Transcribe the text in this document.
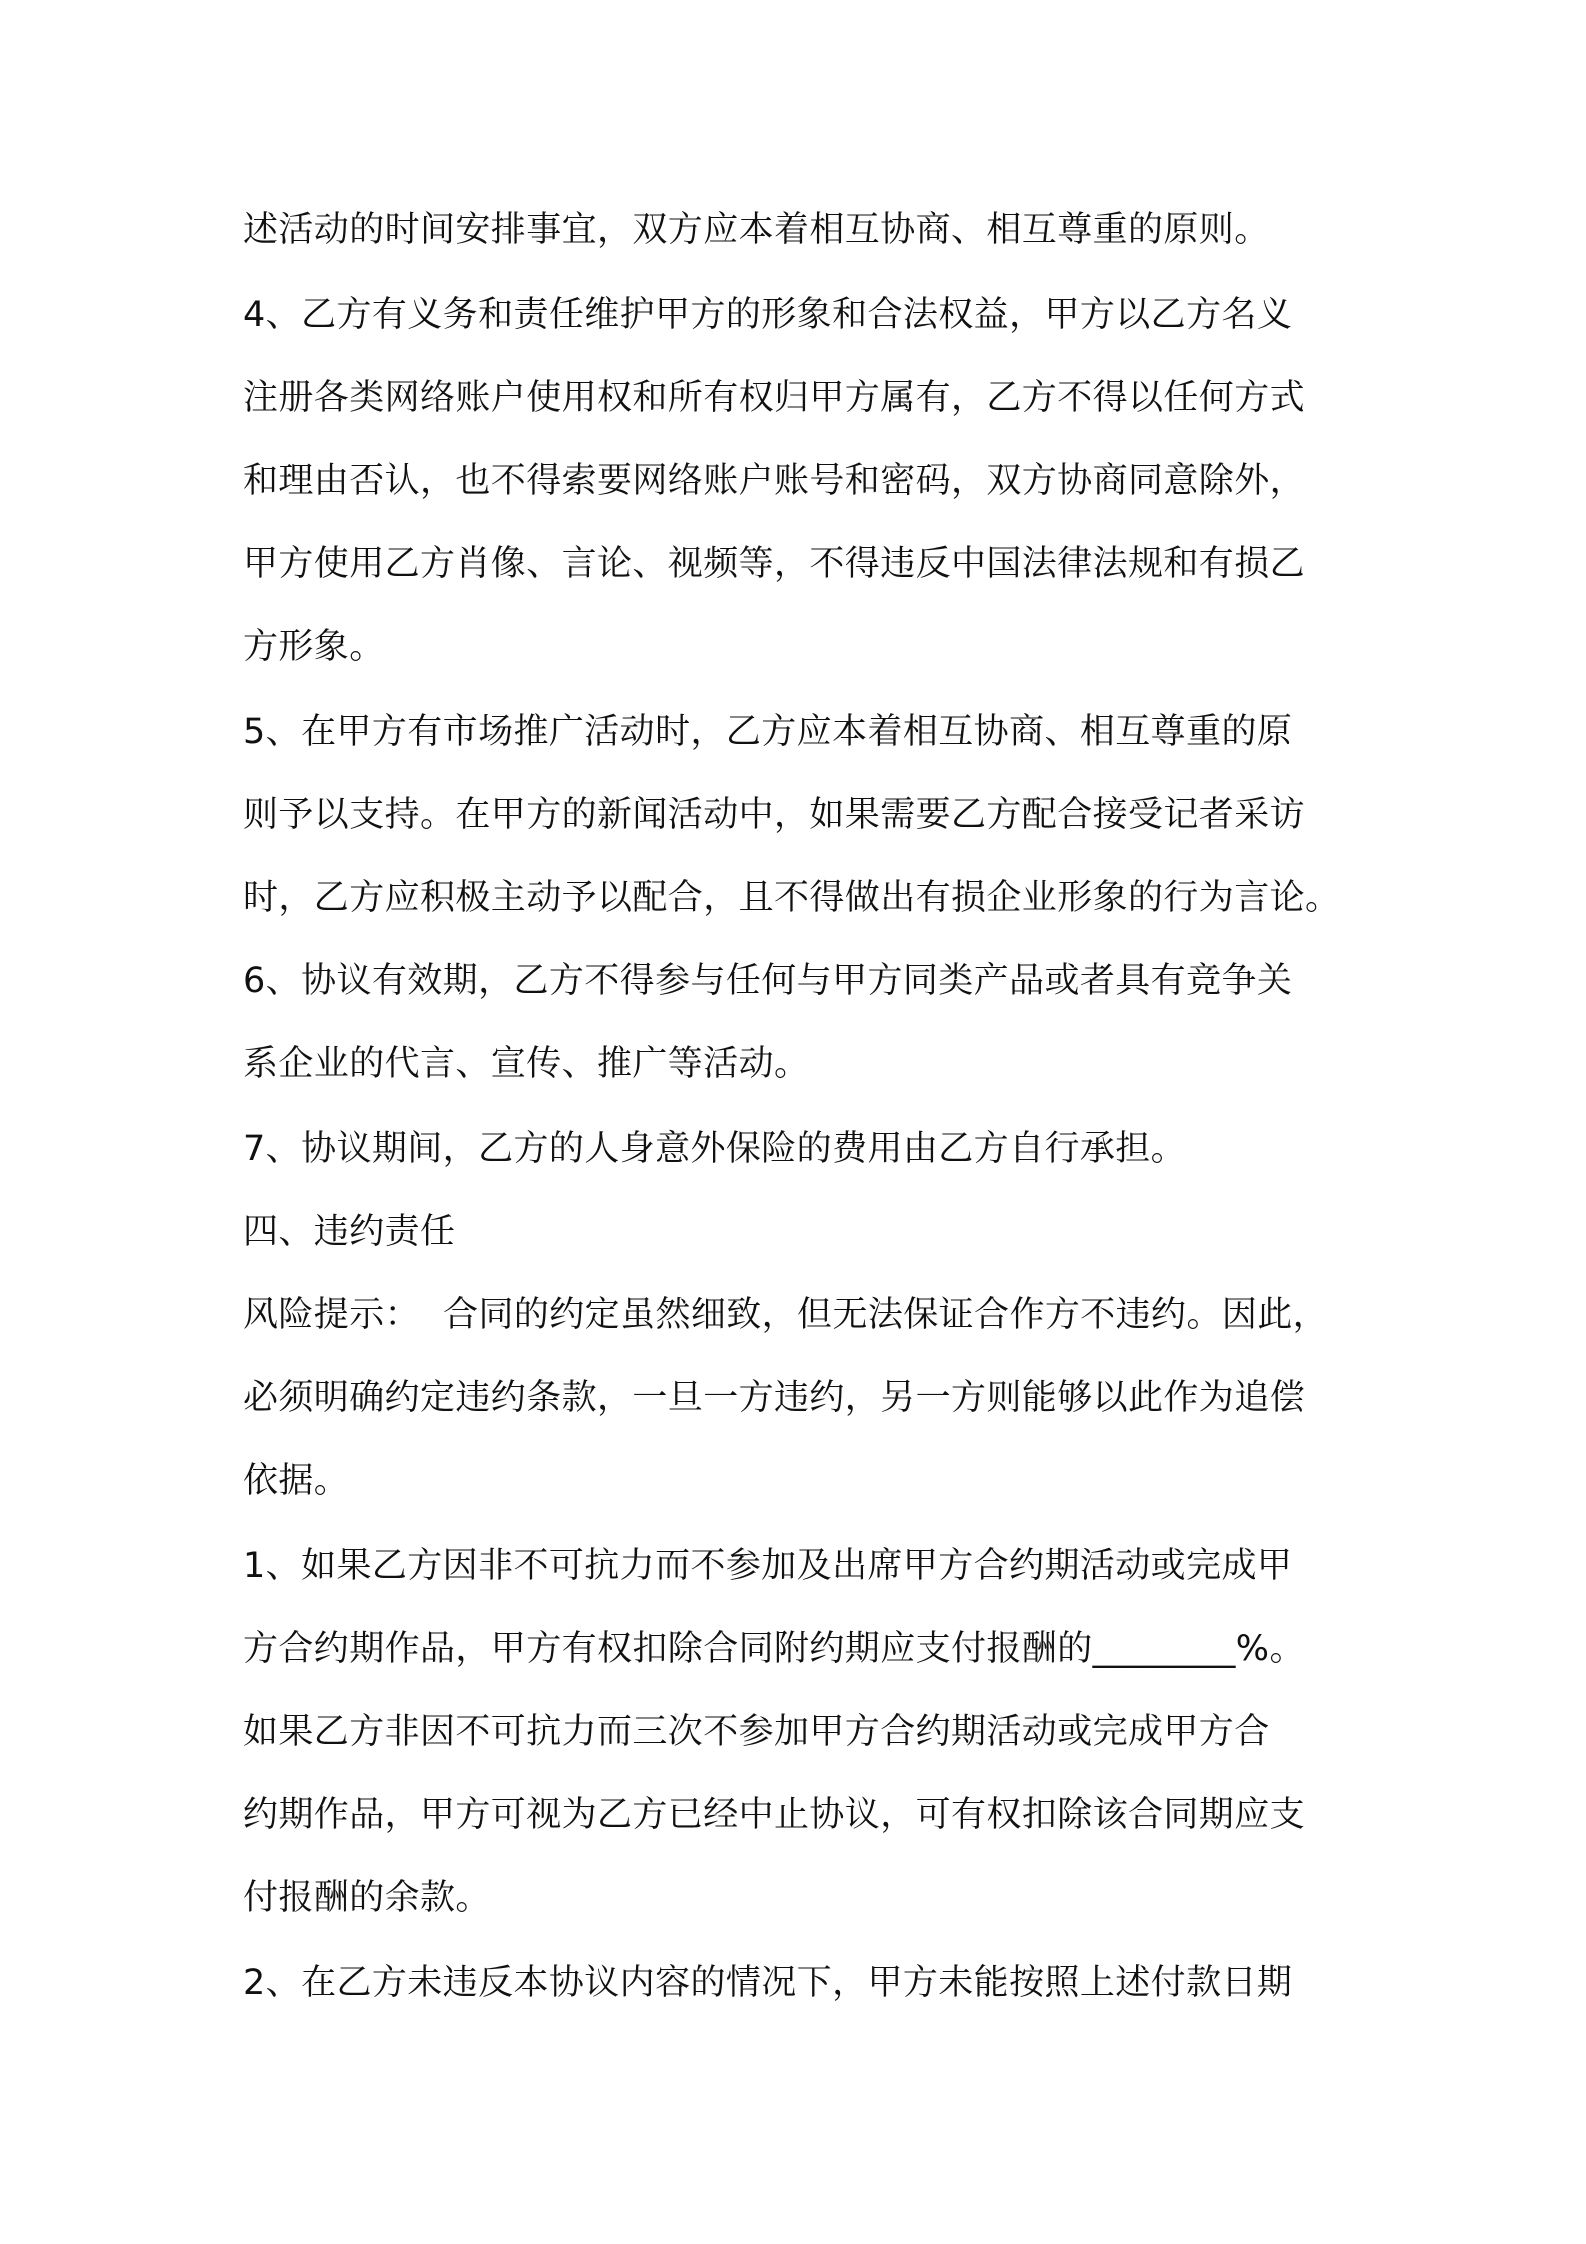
述活动的时间安排事宜，双方应本着相互协商、相互尊重的原则。

4、乙方有义务和责任维护甲方的形象和合法权益，甲方以乙方名义

注册各类网络账户使用权和所有权归甲方属有，乙方不得以任何方式

和理由否认，也不得索要网络账户账号和密码，双方协商同意除外，

甲方使用乙方肖像、言论、视频等，不得违反中国法律法规和有损乙

方形象。

5、在甲方有市场推广活动时，乙方应本着相互协商、相互尊重的原

则予以支持。在甲方的新闻活动中，如果需要乙方配合接受记者采访

时，乙方应积极主动予以配合，且不得做出有损企业形象的行为言论。

6、协议有效期，乙方不得参与任何与甲方同类产品或者具有竞争关

系企业的代言、宣传、推广等活动。

7、协议期间，乙方的人身意外保险的费用由乙方自行承担。

四、违约责任

风险提示：  合同的约定虽然细致，但无法保证合作方不违约。因此，

必须明确约定违约条款，一旦一方违约，另一方则能够以此作为追偿

依据。

1、如果乙方因非不可抗力而不参加及出席甲方合约期活动或完成甲

方合约期作品，甲方有权扣除合同附约期应支付报酬的________%。

如果乙方非因不可抗力而三次不参加甲方合约期活动或完成甲方合

约期作品，甲方可视为乙方已经中止协议，可有权扣除该合同期应支

付报酬的余款。

2、在乙方未违反本协议内容的情况下，甲方未能按照上述付款日期
